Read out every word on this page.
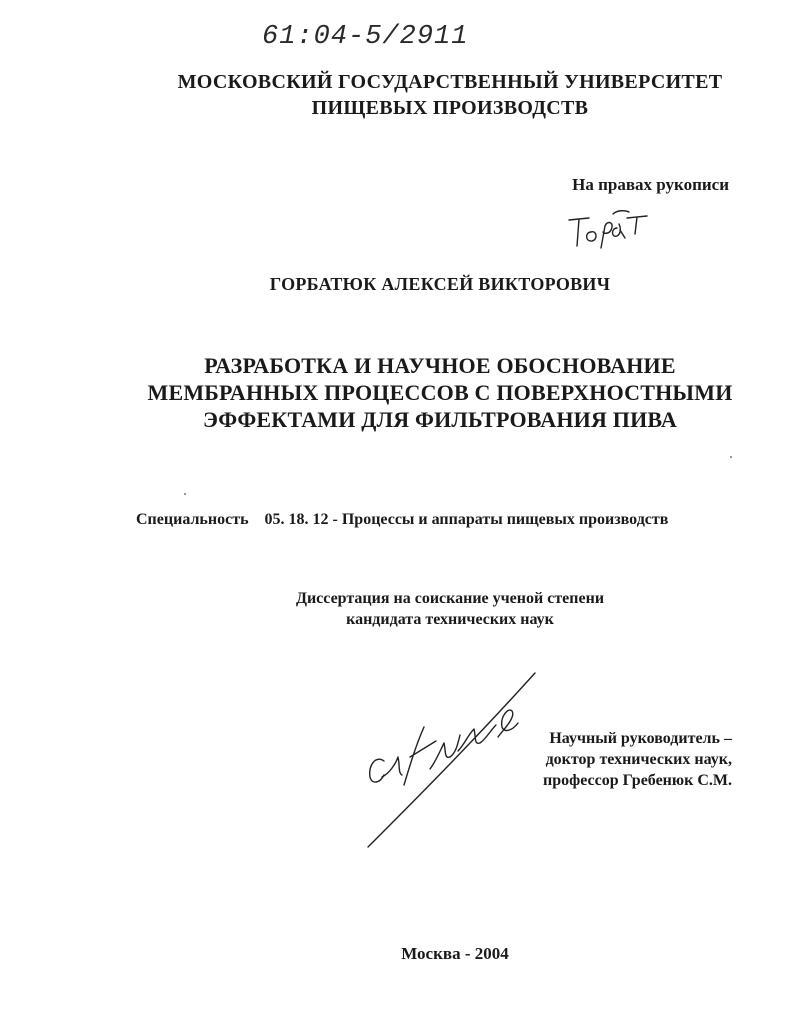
61:04-5/2911
МОСКОВСКИЙ ГОСУДАРСТВЕННЫЙ УНИВЕРСИТЕТ
ПИЩЕВЫХ ПРОИЗВОДСТВ
На правах рукописи
ГОРБАТЮК АЛЕКСЕЙ ВИКТОРОВИЧ
РАЗРАБОТКА И НАУЧНОЕ ОБОСНОВАНИЕ
МЕМБРАННЫХ ПРОЦЕССОВ С ПОВЕРХНОСТНЫМИ
ЭФФЕКТАМИ ДЛЯ ФИЛЬТРОВАНИЯ ПИВА
Специальность 05. 18. 12 - Процессы и аппараты пищевых производств
Диссертация на соискание ученой степени
кандидата технических наук
Научный руководитель –
доктор технических наук,
профессор Гребенюк С.М.
Москва - 2004
